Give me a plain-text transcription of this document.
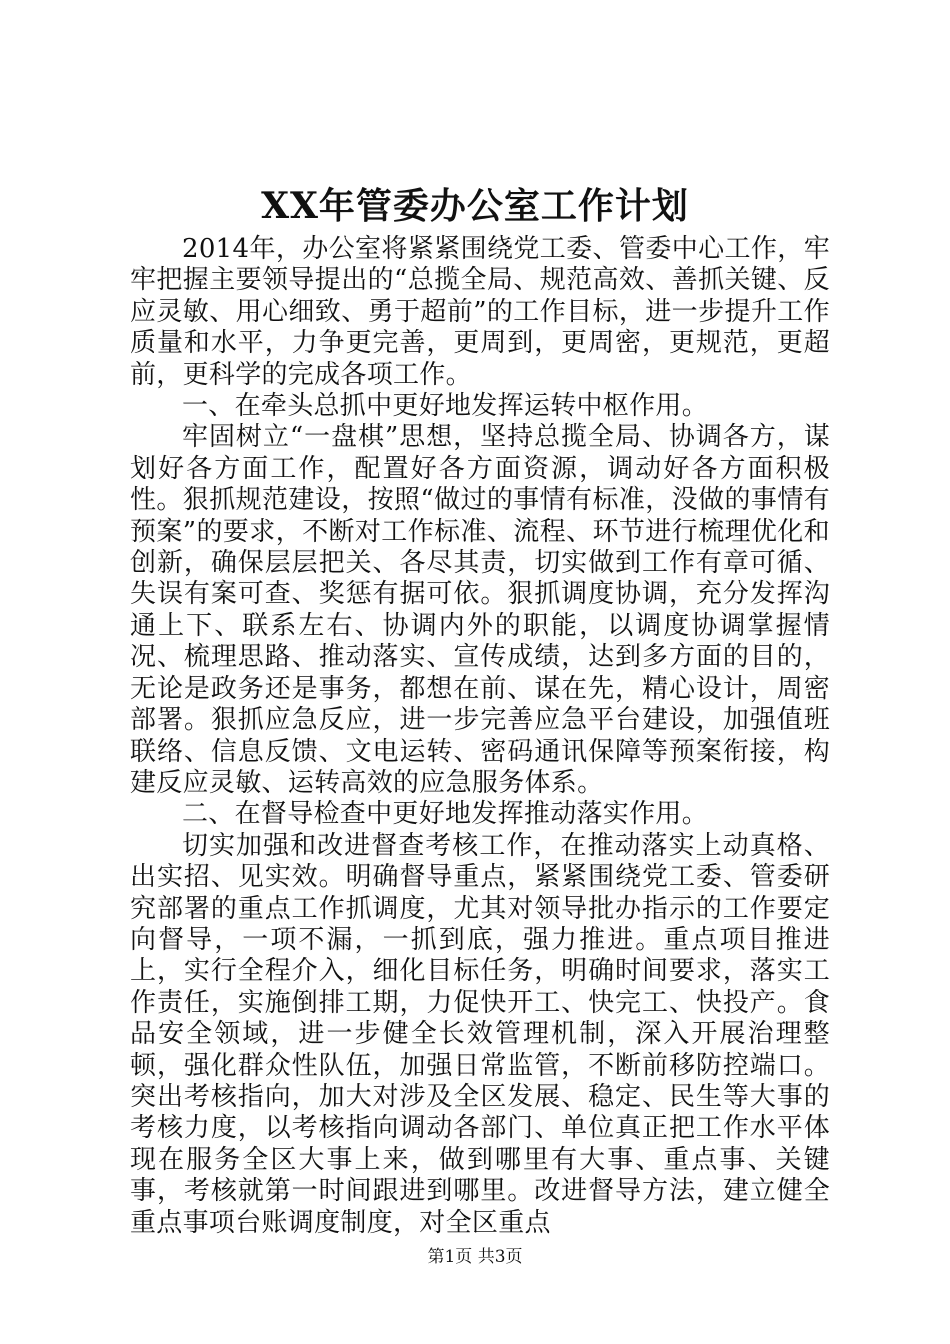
XX年管委办公室工作计划

2014年，办公室将紧紧围绕党工委、管委中心工作，牢牢把握主要领导提出的“总揽全局、规范高效、善抓关键、反应灵敏、用心细致、勇于超前”的工作目标，进一步提升工作质量和水平，力争更完善，更周到，更周密，更规范，更超前，更科学的完成各项工作。

一、在牵头总抓中更好地发挥运转中枢作用。

牢固树立“一盘棋”思想，坚持总揽全局、协调各方，谋划好各方面工作，配置好各方面资源，调动好各方面积极性。狠抓规范建设，按照“做过的事情有标准，没做的事情有预案”的要求，不断对工作标准、流程、环节进行梳理优化和创新，确保层层把关、各尽其责，切实做到工作有章可循、失误有案可查、奖惩有据可依。狠抓调度协调，充分发挥沟通上下、联系左右、协调内外的职能，以调度协调掌握情况、梳理思路、推动落实、宣传成绩，达到多方面的目的，无论是政务还是事务，都想在前、谋在先，精心设计，周密部署。狠抓应急反应，进一步完善应急平台建设，加强值班联络、信息反馈、文电运转、密码通讯保障等预案衔接，构建反应灵敏、运转高效的应急服务体系。

二、在督导检查中更好地发挥推动落实作用。

切实加强和改进督查考核工作，在推动落实上动真格、出实招、见实效。明确督导重点，紧紧围绕党工委、管委研究部署的重点工作抓调度，尤其对领导批办指示的工作要定向督导，一项不漏，一抓到底，强力推进。重点项目推进上，实行全程介入，细化目标任务，明确时间要求，落实工作责任，实施倒排工期，力促快开工、快完工、快投产。食品安全领域，进一步健全长效管理机制，深入开展治理整顿，强化群众性队伍，加强日常监管，不断前移防控端口。突出考核指向，加大对涉及全区发展、稳定、民生等大事的考核力度，以考核指向调动各部门、单位真正把工作水平体现在服务全区大事上来，做到哪里有大事、重点事、关键事，考核就第一时间跟进到哪里。改进督导方法，建立健全重点事项台账调度制度，对全区重点

第1页 共3页
